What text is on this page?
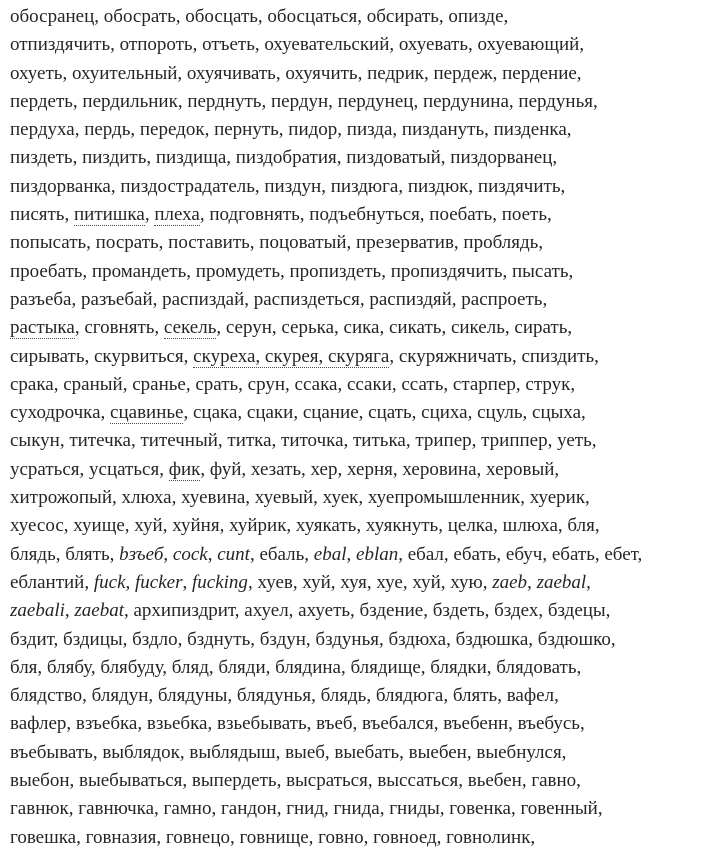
обосранец, обосрать, обосцать, обосцаться, обсирать, опизде,
отпиздячить, отпороть, отъеть, охуевательский, охуевать, охуевающий,
охуеть, охуительный, охуячивать, охуячить, педрик, пердеж, пердение,
пердеть, пердильник, перднуть, пердун, пердунец, пердунина, пердунья,
пердуха, пердь, передок, пернуть, пидор, пизда, пиздануть, пизденка,
пиздеть, пиздить, пиздища, пиздобратия, пиздоватый, пиздорванец,
пиздорванка, пиздострадатель, пиздун, пиздюга, пиздюк, пиздячить,
писять, питишка, плеха, подговнять, подъебнуться, поебать, поеть,
попысать, посрать, поставить, поцоватый, презерватив, проблядь,
проебать, промандеть, промудеть, пропиздеть, пропиздячить, пысать,
разъеба, разъебай, распиздай, распиздеться, распиздяй, распроеть,
растыка, сговнять, секель, серун, серька, сика, сикать, сикель, сирать,
сирывать, скурвиться, скуреха, скурея, скуряга, скуряжничать, спиздить,
срака, сраный, сранье, срать, срун, ссака, ссаки, ссать, старпер, струк,
суходрочка, сцавинье, сцака, сцаки, сцание, сцать, сциха, сцуль, сцыха,
сыкун, титечка, титечный, титка, титочка, титька, трипер, триппер, уеть,
усраться, усцаться, фик, фуй, хезать, хер, херня, херовина, херовый,
хитрожопый, хлюха, хуевина, хуевый, хуек, хуепромышленник, хуерик,
хуесос, хуище, хуй, хуйня, хуйрик, хуякать, хуякнуть, целка, шлюха, бля,
блядь, блять, bзъеб, cock, cunt, ебаль, ebal, eblan, ебал, ебать, ебуч, ебать, ебет,
еблантий, fuck, fucker, fucking, хуев, хуй, хуя, хуе, хуй, хую, zaeb, zaebal,
zaebali, zaebat, архипиздрит, ахуел, ахуеть, бздение, бздеть, бздех, бздецы,
бздит, бздицы, бздло, бзднуть, бздун, бздунья, бздюха, бздюшка, бздюшко,
бля, блябу, блябуду, бляд, бляди, блядина, блядище, блядки, блядовать,
блядство, блядун, блядуны, блядунья, блядь, блядюга, блять, вафел,
вафлер, взъебка, взьебка, взьебывать, въеб, въебался, въебенн, въебусь,
въебывать, выблядок, выблядыш, выеб, выебать, выебен, выебнулся,
выебон, выебываться, выпердеть, высраться, выссаться, вьебен, гавно,
гавнюк, гавнючка, гамно, гандон, гнид, гнида, гниды, говенка, говенный,
говешка, говназия, говнецо, говнище, говно, говноед, говнолинк,
